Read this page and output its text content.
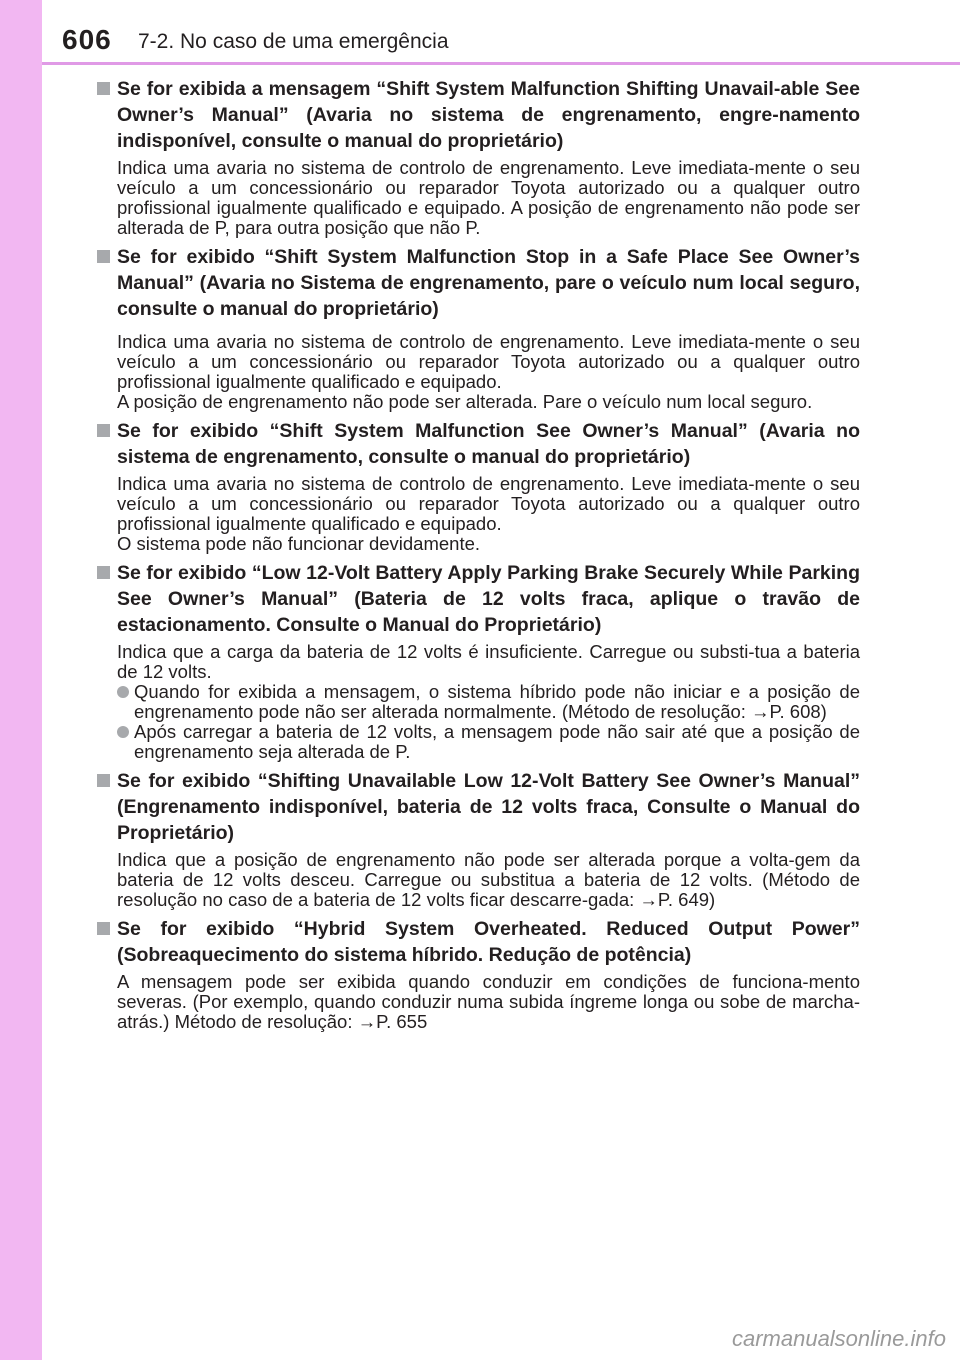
606 7-2. No caso de uma emergência
Se for exibida a mensagem “Shift System Malfunction Shifting Unavail-able See Owner’s Manual” (Avaria no sistema de engrenamento, engre-namento indisponível, consulte o manual do proprietário)

Indica uma avaria no sistema de controlo de engrenamento. Leve imediata-mente o seu veículo a um concessionário ou reparador Toyota autorizado ou a qualquer outro profissional igualmente qualificado e equipado. A posição de engrenamento não pode ser alterada de P, para outra posição que não P.

Se for exibido “Shift System Malfunction Stop in a Safe Place See Owner’s Manual” (Avaria no Sistema de engrenamento, pare o veículo num local seguro, consulte o manual do proprietário)

Indica uma avaria no sistema de controlo de engrenamento. Leve imediata-mente o seu veículo a um concessionário ou reparador Toyota autorizado ou a qualquer outro profissional igualmente qualificado e equipado.

A posição de engrenamento não pode ser alterada. Pare o veículo num local seguro.

Se for exibido “Shift System Malfunction See Owner’s Manual” (Avaria no sistema de engrenamento, consulte o manual do proprietário)

Indica uma avaria no sistema de controlo de engrenamento. Leve imediata-mente o seu veículo a um concessionário ou reparador Toyota autorizado ou a qualquer outro profissional igualmente qualificado e equipado.

O sistema pode não funcionar devidamente.

Se for exibido “Low 12-Volt Battery Apply Parking Brake Securely While Parking See Owner’s Manual” (Bateria de 12 volts fraca, aplique o travão de estacionamento. Consulte o Manual do Proprietário)

Indica que a carga da bateria de 12 volts é insuficiente. Carregue ou substi-tua a bateria de 12 volts.

Quando for exibida a mensagem, o sistema híbrido pode não iniciar e a posição de engrenamento pode não ser alterada normalmente. (Método de resolução: →P. 608)
Após carregar a bateria de 12 volts, a mensagem pode não sair até que a posição de engrenamento seja alterada de P.
Se for exibido “Shifting Unavailable Low 12-Volt Battery See Owner’s Manual” (Engrenamento indisponível, bateria de 12 volts fraca, Consulte o Manual do Proprietário)

Indica que a posição de engrenamento não pode ser alterada porque a volta-gem da bateria de 12 volts desceu. Carregue ou substitua a bateria de 12 volts. (Método de resolução no caso de a bateria de 12 volts ficar descarre-gada: →P. 649)

Se for exibido “Hybrid System Overheated. Reduced Output Power” (Sobreaquecimento do sistema híbrido. Redução de potência)

A mensagem pode ser exibida quando conduzir em condições de funciona-mento severas. (Por exemplo, quando conduzir numa subida íngreme longa ou sobe de marcha-atrás.) Método de resolução: →P. 655

carmanualsonline.info
